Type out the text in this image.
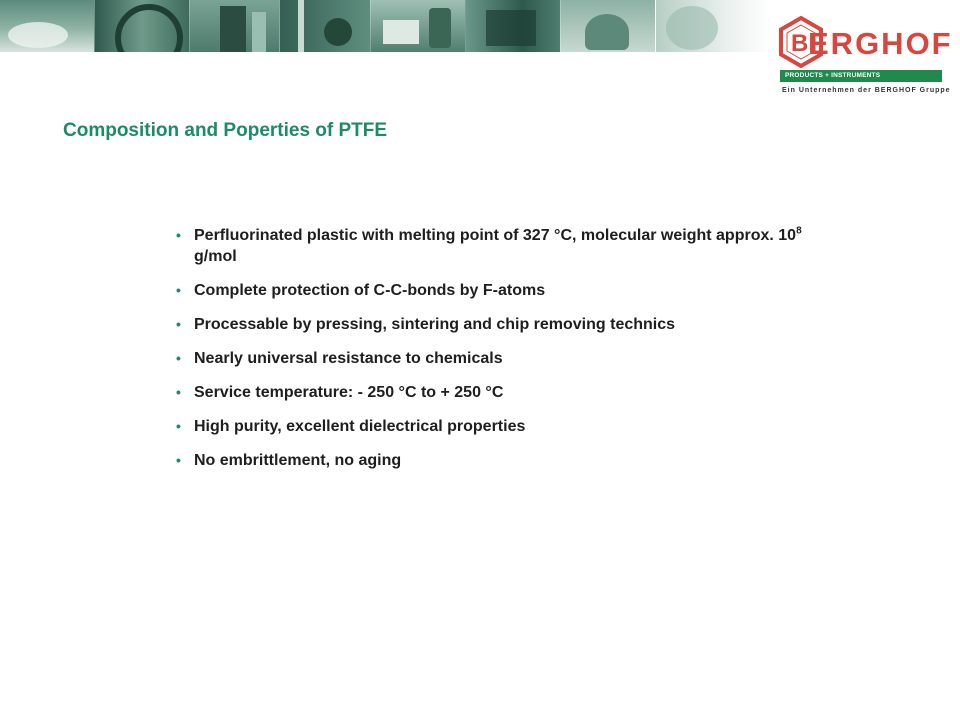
B ERGHOF
PRODUCTS + INSTRUMENTS
Ein Unternehmen der BERGHOF Gruppe
Composition and Poperties of PTFE
• Perfluorinated plastic with melting point of 327 °C, molecular weight approx. $10^8$ g/mol
• Complete protection of C-C-bonds by F-atoms
• Processable by pressing, sintering and chip removing technics
• Nearly universal resistance to chemicals
• Service temperature: - 250 °C to + 250 °C
• High purity, excellent dielectrical properties
• No embrittlement, no aging
